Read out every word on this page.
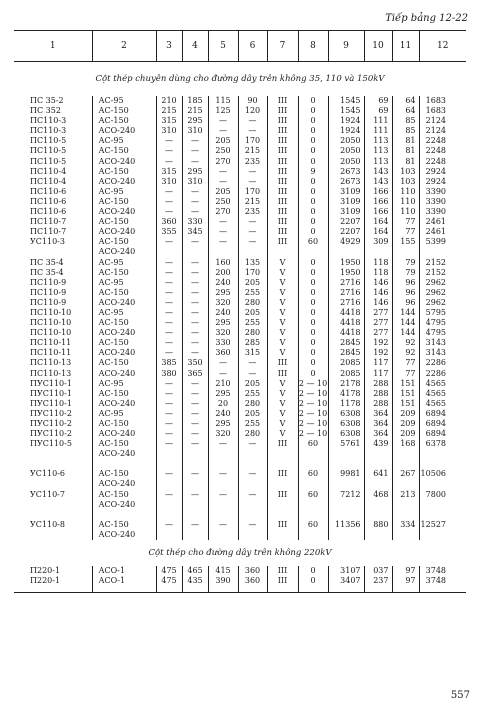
Tiếp bảng 12-22
1	2	3	4	5	6	7	8	9	10	11	12
Cột thép chuyên dùng cho đường dây trên không 35, 110 và 150kV											
ПС 35-2	АС-95	210	185	115	90	III	0	1545	69	64	1683
ПС 352	АС-150	215	215	125	120	III	0	1545	69	64	1683
ПС110-3	АС-150	315	295	—	—	III	0	1924	111	85	2124
ПС110-3	АСО-240	310	310	—	—	III	0	1924	111	85	2124
ПС110-5	АС-95	—	—	205	170	III	0	2050	113	81	2248
ПС110-5	АС-150	—	—	250	215	III	0	2050	113	81	2248
ПС110-5	АСО-240	—	—	270	235	III	0	2050	113	81	2248
ПС110-4	АС-150	315	295	—	—	III	9	2673	143	103	2924
ПС110-4	АСО-240	310	310	—	—	III	0	2673	143	103	2924
ПС110-6	АС-95	—	—	205	170	III	0	3109	166	110	3390
ПС110-6	АС-150	—	—	250	215	III	0	3109	166	110	3390
ПС110-6	АСО-240	—	—	270	235	III	0	3109	166	110	3390
ПС110-7	АС-150	360	330	—	—	III	0	2207	164	77	2461
ПС110-7	АСО-240	355	345	—	—	III	0	2207	164	77	2461
УС110-3	АС-150	—	—	—	—	III	60	4929	309	155	5399
	АСО-240										
ПС 35-4	АС-95	—	—	160	135	V	0	1950	118	79	2152
ПС 35-4	АС-150	—	—	200	170	V	0	1950	118	79	2152
ПС110-9	АС-95	—	—	240	205	V	0	2716	146	96	2962
ПС110-9	АС-150	—	—	295	255	V	0	2716	146	96	2962
ПС110-9	АСО-240	—	—	320	280	V	0	2716	146	96	2962
ПС110-10	АС-95	—	—	240	205	V	0	4418	277	144	5795
ПС110-10	АС-150	—	—	295	255	V	0	4418	277	144	4795
ПС110-10	АСО-240	—	—	320	280	V	0	4418	277	144	4795
ПС110-11	АС-150	—	—	330	285	V	0	2845	192	92	3143
ПС110-11	АСО-240	—	—	360	315	V	0	2845	192	92	3143
ПС110-13	АС-150	385	350	—	—	III	0	2085	117	77	2286
ПС110-13	АСО-240	380	365	—	—	III	0	2085	117	77	2286
ПУС110-1	АС-95	—	—	210	205	V	2 — 10	2178	288	151	4565
ПУС110-1	АС-150	—	—	295	255	V	2 — 10	4178	288	151	4565
ПУС110-1	АСО-240	—	—	20	280	V	2 — 10	1178	288	151	4565
ПУС110-2	АС-95	—	—	240	205	V	2 — 10	6308	364	209	6894
ПУС110-2	АС-150	—	—	295	255	V	2 — 10	6308	364	209	6894
ПУС110-2	АСО-240	—	—	320	280	V	2 — 10	6308	364	209	6894
ПУС110-5	АС-150	—	—	—	—	III	60	5761	439	168	6378
	АСО-240										

УС110-6	АС-150	—	—	—	—	III	60	9981	641	267	10506
	АСО-240										
УС110-7	АС-150	—	—	—	—	III	60	7212	468	213	7800
	АСО-240										

УС110-8	АС-150	—	—	—	—	III	60	11356	880	334	12527
	АСО-240										
Cột thép cho đường dây trên không 220kV											
П220-1	АСО-1	475	465	415	360	III	0	3107	037	97	3748
П220-1	АСО-1	475	435	390	360	III	0	3407	237	97	3748

557
